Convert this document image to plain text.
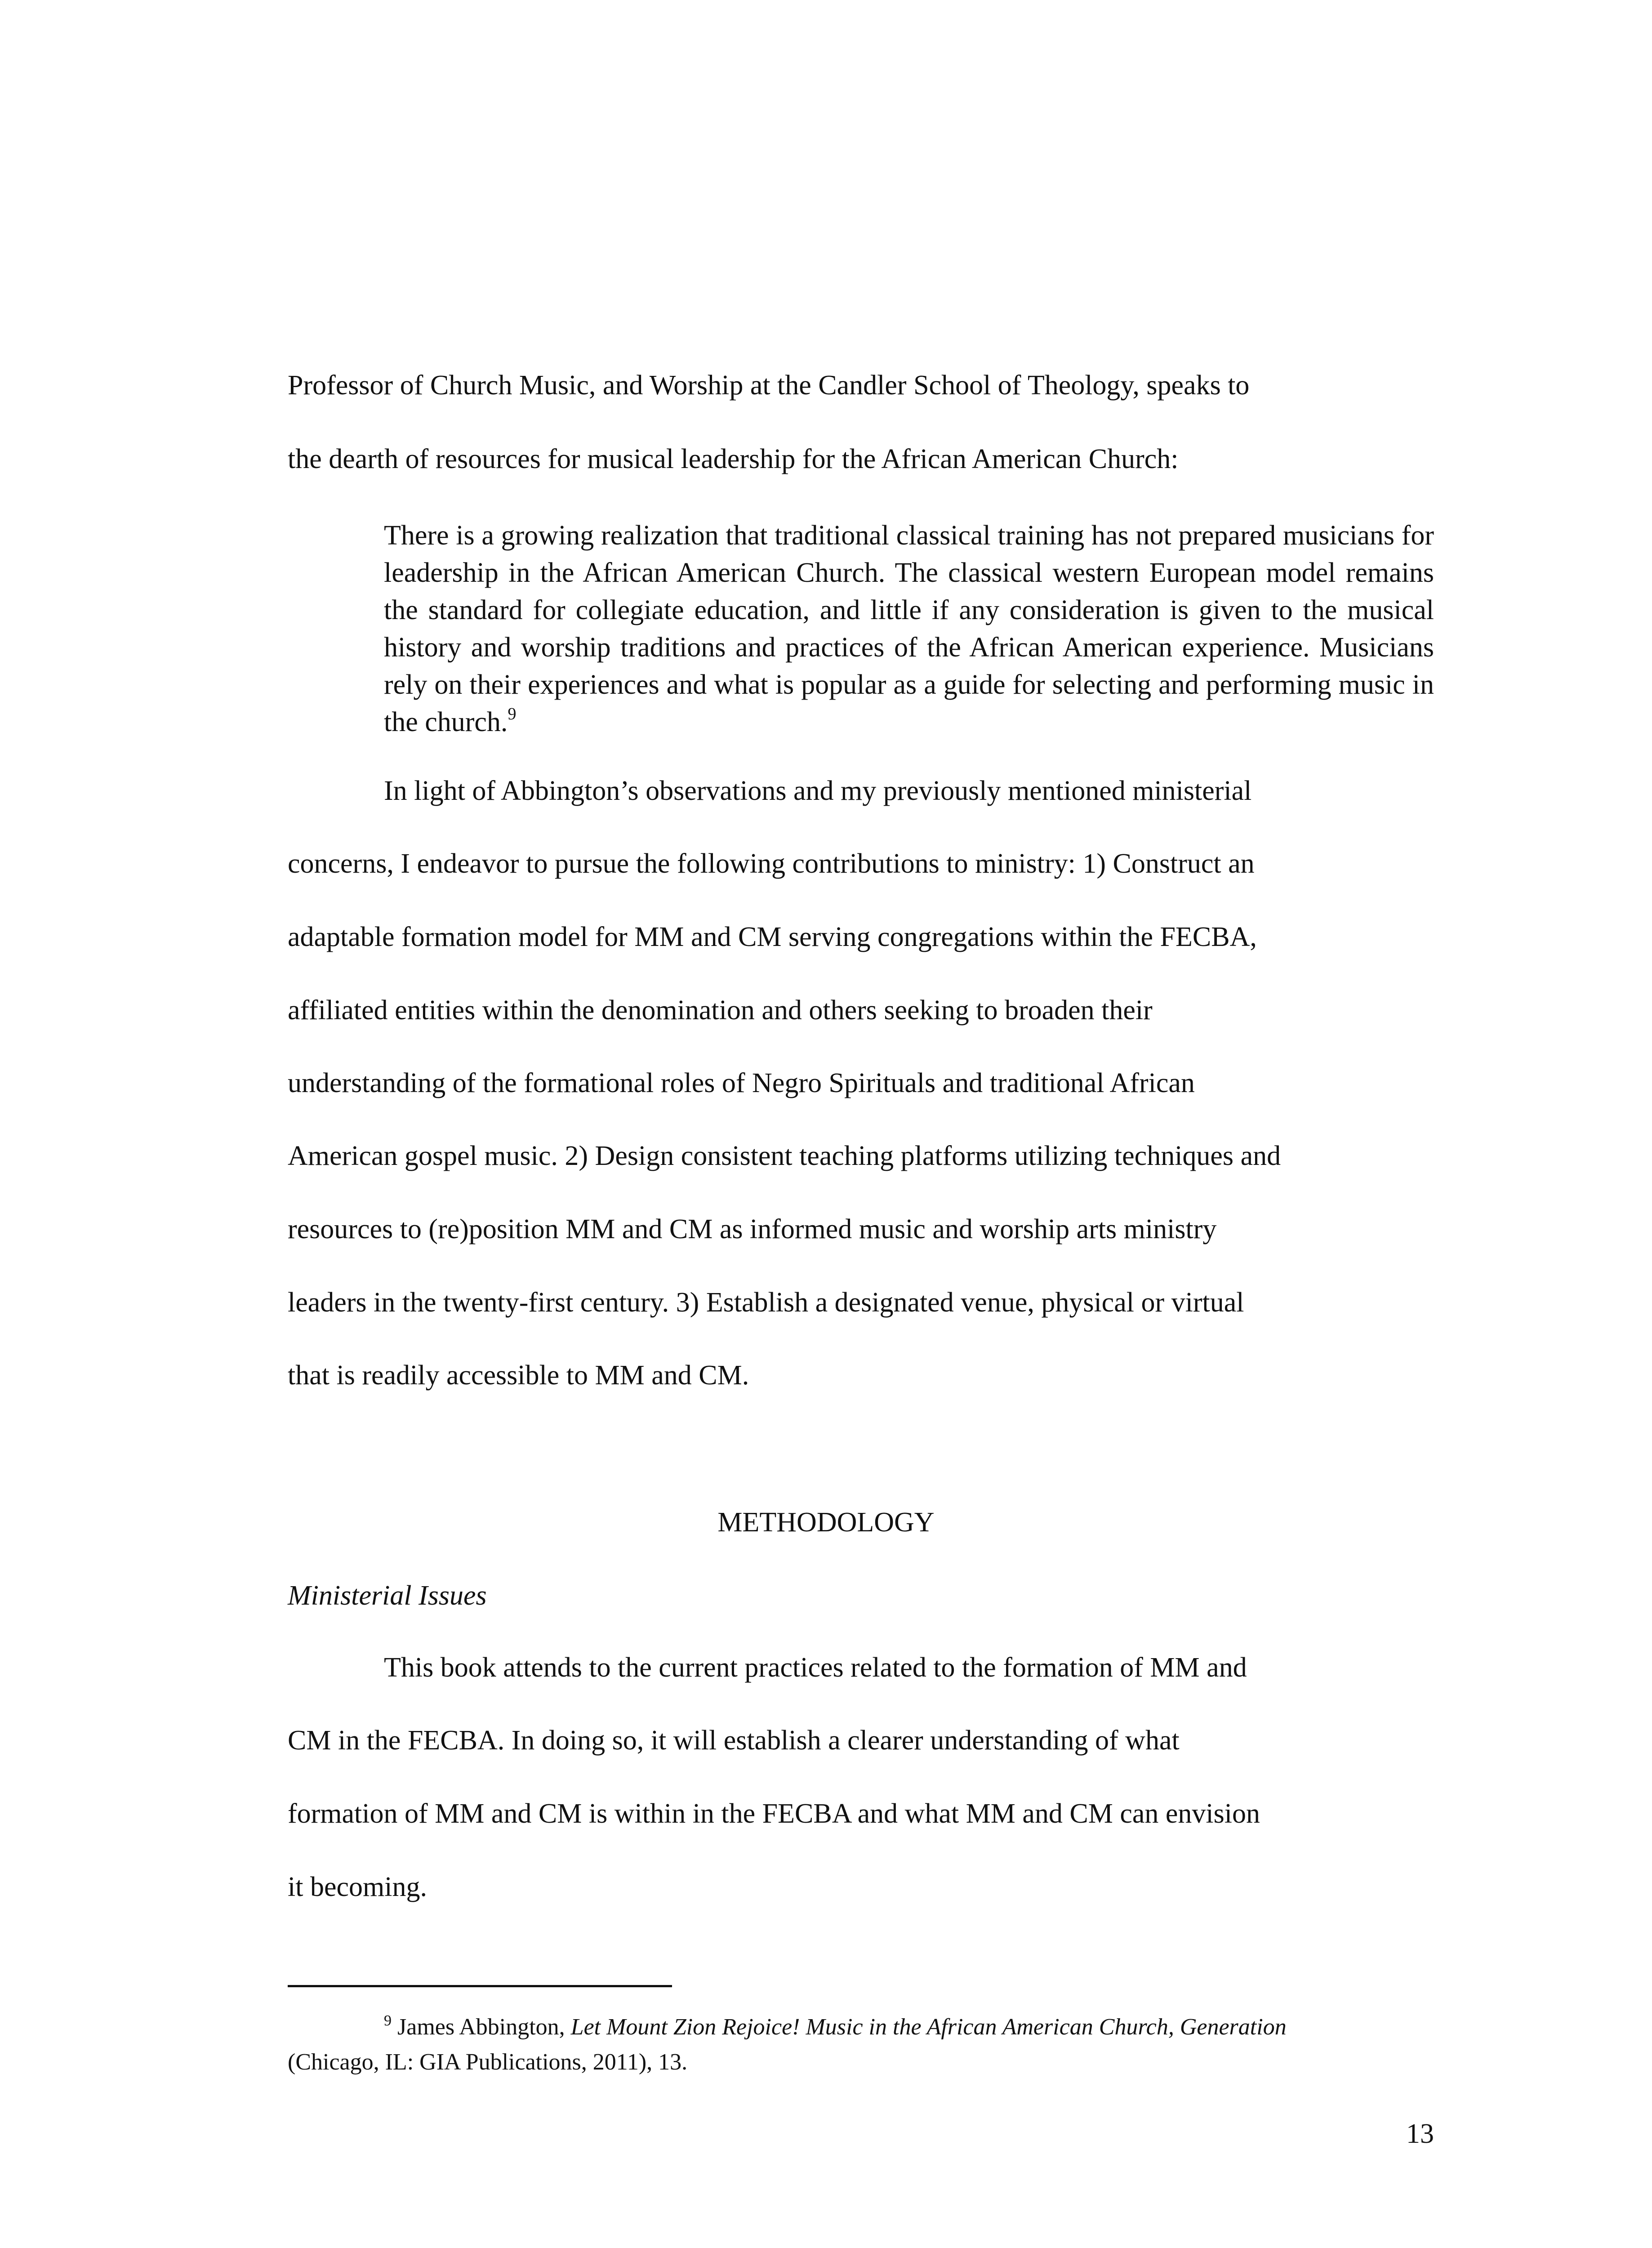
Professor of Church Music, and Worship at the Candler School of Theology, speaks to
the dearth of resources for musical leadership for the African American Church:
There is a growing realization that traditional classical training has not prepared musicians for leadership in the African American Church. The classical western European model remains the standard for collegiate education, and little if any consideration is given to the musical history and worship traditions and practices of the African American experience. Musicians rely on their experiences and what is popular as a guide for selecting and performing music in the church.$^9$
In light of Abbington’s observations and my previously mentioned ministerial
concerns, I endeavor to pursue the following contributions to ministry: 1) Construct an
adaptable formation model for MM and CM serving congregations within the FECBA,
affiliated entities within the denomination and others seeking to broaden their
understanding of the formational roles of Negro Spirituals and traditional African
American gospel music. 2) Design consistent teaching platforms utilizing techniques and
resources to (re)position MM and CM as informed music and worship arts ministry
leaders in the twenty-first century. 3) Establish a designated venue, physical or virtual
that is readily accessible to MM and CM.
METHODOLOGY
Ministerial Issues
This book attends to the current practices related to the formation of MM and
CM in the FECBA. In doing so, it will establish a clearer understanding of what
formation of MM and CM is within in the FECBA and what MM and CM can envision
it becoming.
$^9$ James Abbington, Let Mount Zion Rejoice! Music in the African American Church, Generation
(Chicago, IL: GIA Publications, 2011), 13.
13
